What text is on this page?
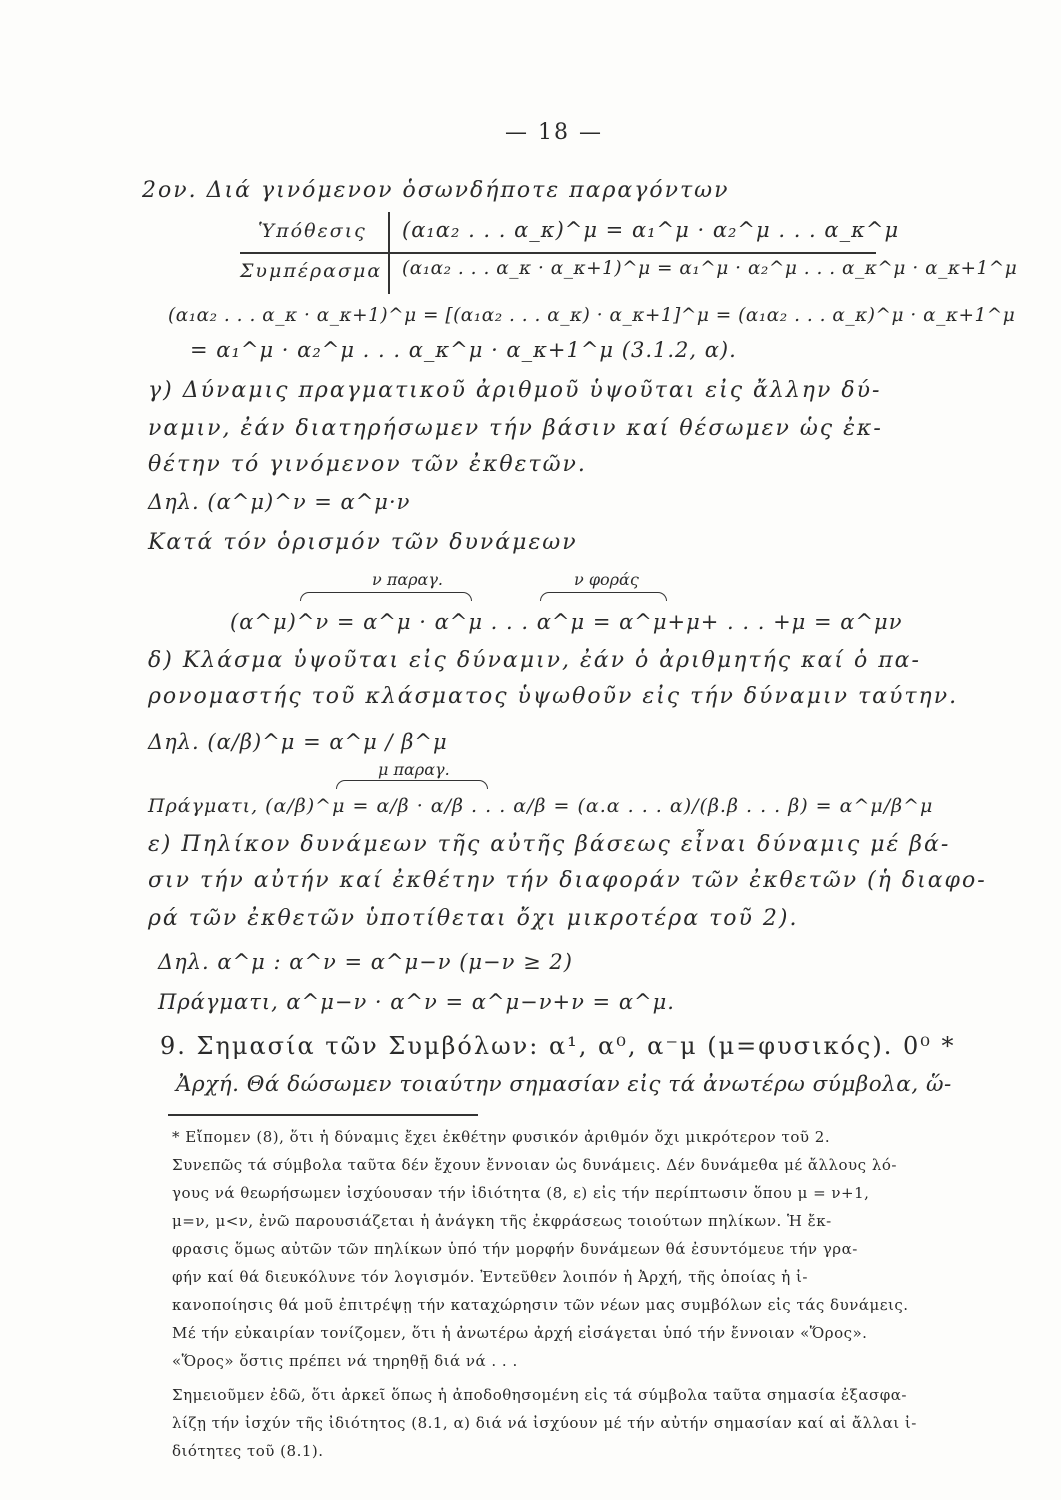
— 18 —
2ον. Διά γινόμενον ὁσωνδήποτε παραγόντων
Ὑπόθεσις (α₁α₂ . . . α_κ)^μ = α₁^μ · α₂^μ . . . α_κ^μ
Συμπέρασμα (α₁α₂ . . . α_κ · α_κ+1)^μ = α₁^μ · α₂^μ . . . α_κ^μ · α_κ+1^μ
(α₁α₂ . . . α_κ · α_κ+1)^μ = [(α₁α₂ . . . α_κ) · α_κ+1]^μ = (α₁α₂ . . . α_κ)^μ · α_κ+1^μ
= α₁^μ · α₂^μ . . . α_κ^μ · α_κ+1^μ (3.1.2, α).
γ) Δύναμις πραγματικοῦ ἀριθμοῦ ὑψοῦται εἰς ἄλλην δύ-
ναμιν, ἐάν διατηρήσωμεν τήν βάσιν καί θέσωμεν ὡς ἐκ-
θέτην τό γινόμενον τῶν ἐκθετῶν.
Δηλ. (α^μ)^ν = α^μ·ν
Κατά τόν ὁρισμόν τῶν δυνάμεων
ν παραγ.	ν φοράς
(α^μ)^ν = α^μ · α^μ . . . α^μ = α^μ+μ+ . . . +μ = α^μν
δ) Κλάσμα ὑψοῦται εἰς δύναμιν, ἐάν ὁ ἀριθμητής καί ὁ πα-
ρονομαστής τοῦ κλάσματος ὑψωθοῦν εἰς τήν δύναμιν ταύτην.
Δηλ. (α/β)^μ = α^μ / β^μ
μ παραγ.
Πράγματι, (α/β)^μ = α/β · α/β . . . α/β = (α.α . . . α)/(β.β . . . β) = α^μ/β^μ
ε) Πηλίκον δυνάμεων τῆς αὐτῆς βάσεως εἶναι δύναμις μέ βά-
σιν τήν αὐτήν καί ἐκθέτην τήν διαφοράν τῶν ἐκθετῶν (ἡ διαφο-
ρά τῶν ἐκθετῶν ὑποτίθεται ὄχι μικροτέρα τοῦ 2).
Δηλ. α^μ : α^ν = α^μ−ν (μ−ν ≥ 2)
Πράγματι, α^μ−ν · α^ν = α^μ−ν+ν = α^μ.
9. Σημασία τῶν Συμβόλων: α¹, α⁰, α⁻μ (μ=φυσικός). 0⁰ *
Ἀρχή. Θά δώσωμεν τοιαύτην σημασίαν εἰς τά ἀνωτέρω σύμβολα, ὥ-
* Εἴπομεν (8), ὅτι ἡ δύναμις ἔχει ἐκθέτην φυσικόν ἀριθμόν ὄχι μικρότερον τοῦ 2.
Συνεπῶς τά σύμβολα ταῦτα δέν ἔχουν ἔννοιαν ὡς δυνάμεις. Δέν δυνάμεθα μέ ἄλλους λό-
γους νά θεωρήσωμεν ἰσχύουσαν τήν ἰδιότητα (8, ε) εἰς τήν περίπτωσιν ὅπου μ = ν+1,
μ=ν, μ<ν, ἐνῶ παρουσιάζεται ἡ ἀνάγκη τῆς ἐκφράσεως τοιούτων πηλίκων. Ἡ ἔκ-
φρασις ὅμως αὐτῶν τῶν πηλίκων ὑπό τήν μορφήν δυνάμεων θά ἐσυντόμευε τήν γρα-
φήν καί θά διευκόλυνε τόν λογισμόν. Ἐντεῦθεν λοιπόν ἡ Ἀρχή, τῆς ὁποίας ἡ ἱ-
κανοποίησις θά μοῦ ἐπιτρέψῃ τήν καταχώρησιν τῶν νέων μας συμβόλων εἰς τάς δυνάμεις.
Μέ τήν εὐκαιρίαν τονίζομεν, ὅτι ἡ ἀνωτέρω ἀρχή εἰσάγεται ὑπό τήν ἔννοιαν «Ὅρος».
«Ὅρος» ὅστις πρέπει νά τηρηθῇ διά νά . . .
Σημειοῦμεν ἐδῶ, ὅτι ἀρκεῖ ὅπως ἡ ἀποδοθησομένη εἰς τά σύμβολα ταῦτα σημασία ἐξασφα-
λίζῃ τήν ἰσχύν τῆς ἰδιότητος (8.1, α) διά νά ἰσχύουν μέ τήν αὐτήν σημασίαν καί αἱ ἄλλαι ἰ-
διότητες τοῦ (8.1).
